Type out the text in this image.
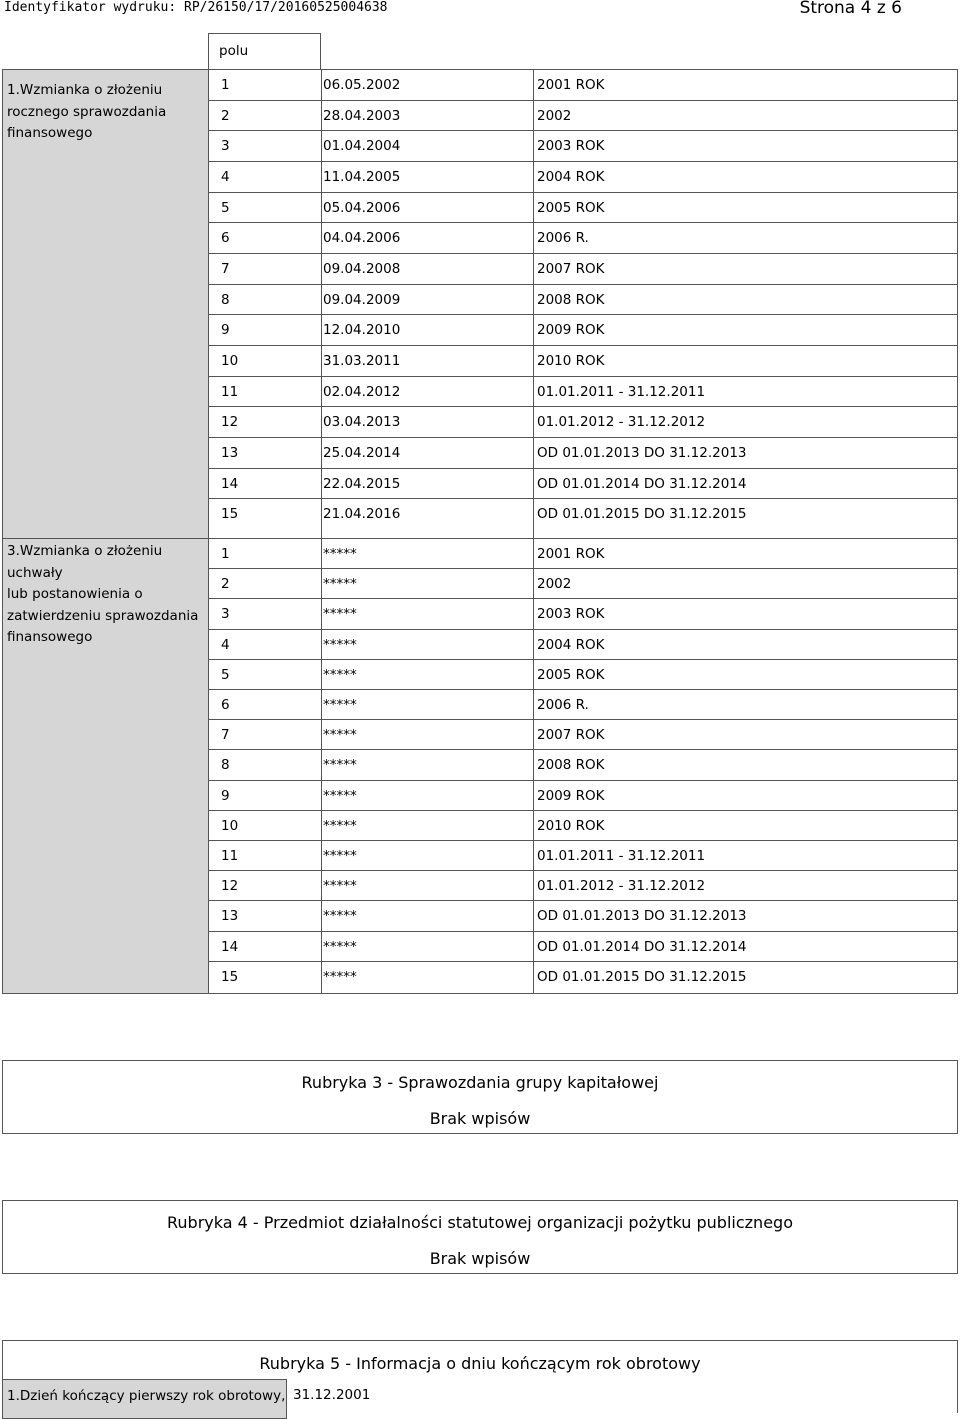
Identyfikator wydruku: RP/26150/17/20160525004638	Strona 4 z 6
polu
1.Wzmianka o złożeniu
rocznego sprawozdania
finansowego
1	06.05.2002	2001 ROK
2	28.04.2003	2002
3	01.04.2004	2003 ROK
4	11.04.2005	2004 ROK
5	05.04.2006	2005 ROK
6	04.04.2006	2006 R.
7	09.04.2008	2007 ROK
8	09.04.2009	2008 ROK
9	12.04.2010	2009 ROK
10	31.03.2011	2010 ROK
11	02.04.2012	01.01.2011 - 31.12.2011
12	03.04.2013	01.01.2012 - 31.12.2012
13	25.04.2014	OD 01.01.2013 DO 31.12.2013
14	22.04.2015	OD 01.01.2014 DO 31.12.2014
15	21.04.2016	OD 01.01.2015 DO 31.12.2015
3.Wzmianka o złożeniu uchwały
lub postanowienia o
zatwierdzeniu sprawozdania
finansowego
1	*****	2001 ROK
2	*****	2002
3	*****	2003 ROK
4	*****	2004 ROK
5	*****	2005 ROK
6	*****	2006 R.
7	*****	2007 ROK
8	*****	2008 ROK
9	*****	2009 ROK
10	*****	2010 ROK
11	*****	01.01.2011 - 31.12.2011
12	*****	01.01.2012 - 31.12.2012
13	*****	OD 01.01.2013 DO 31.12.2013
14	*****	OD 01.01.2014 DO 31.12.2014
15	*****	OD 01.01.2015 DO 31.12.2015
Rubryka 3 - Sprawozdania grupy kapitałowej
Brak wpisów
Rubryka 4 - Przedmiot działalności statutowej organizacji pożytku publicznego
Brak wpisów
Rubryka 5 - Informacja o dniu kończącym rok obrotowy
1.Dzień kończący pierwszy rok obrotowy, 31.12.2001
